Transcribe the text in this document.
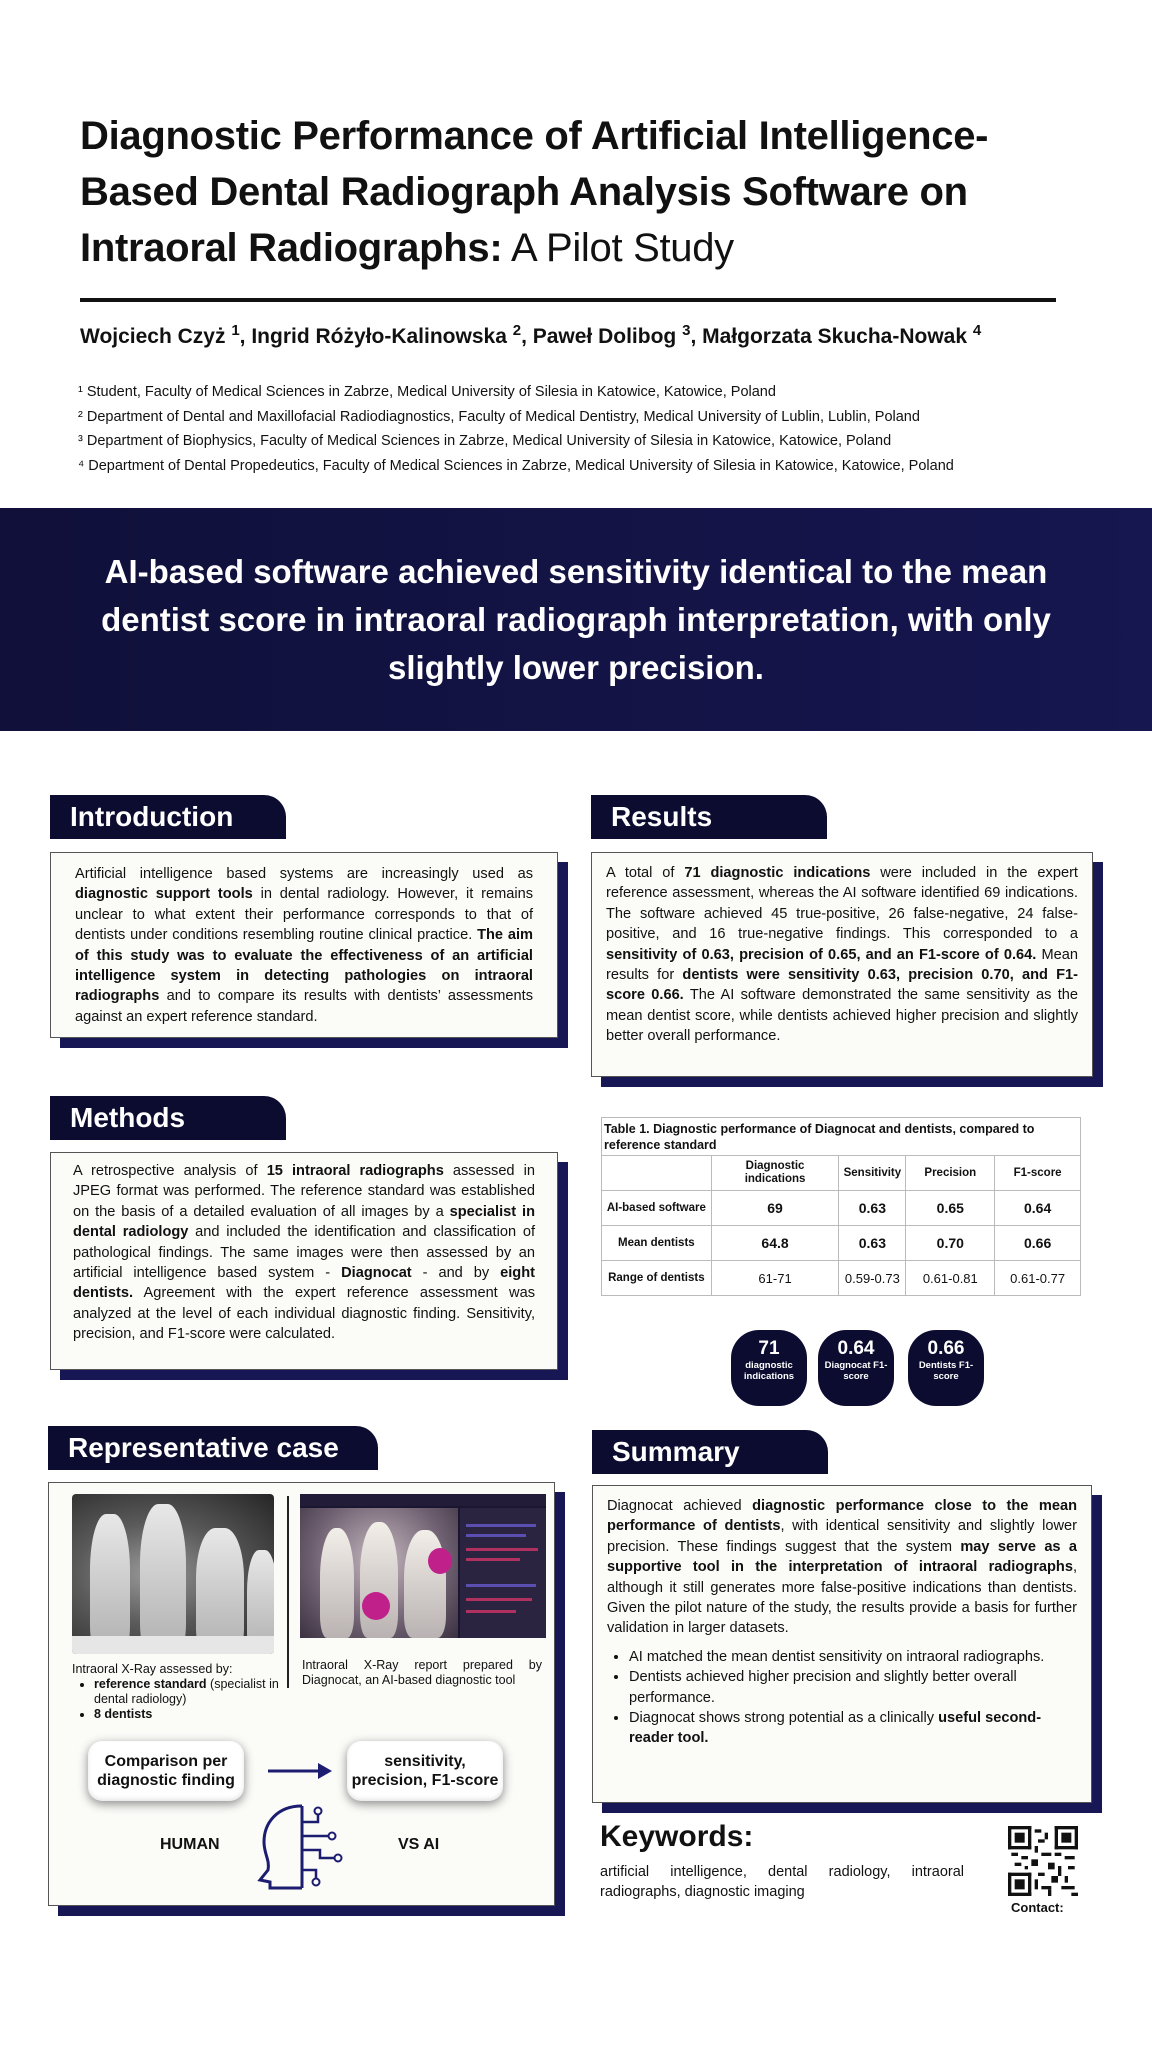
Diagnostic Performance of Artificial Intelligence-Based Dental Radiograph Analysis Software on Intraoral Radiographs: A Pilot Study
Wojciech Czyż $^1$, Ingrid Różyło-Kalinowska $^2$, Paweł Dolibog $^3$, Małgorzata Skucha-Nowak $^4$
¹ Student, Faculty of Medical Sciences in Zabrze, Medical University of Silesia in Katowice, Katowice, Poland
² Department of Dental and Maxillofacial Radiodiagnostics, Faculty of Medical Dentistry, Medical University of Lublin, Lublin, Poland
³ Department of Biophysics, Faculty of Medical Sciences in Zabrze, Medical University of Silesia in Katowice, Katowice, Poland
⁴ Department of Dental Propedeutics, Faculty of Medical Sciences in Zabrze, Medical University of Silesia in Katowice, Katowice, Poland

AI-based software achieved sensitivity identical to the mean dentist score in intraoral radiograph interpretation, with only slightly lower precision.

Introduction
Artificial intelligence based systems are increasingly used as diagnostic support tools in dental radiology. However, it remains unclear to what extent their performance corresponds to that of dentists under conditions resembling routine clinical practice. The aim of this study was to evaluate the effectiveness of an artificial intelligence system in detecting pathologies on intraoral radiographs and to compare its results with dentists’ assessments against an expert reference standard.
Methods
A retrospective analysis of 15 intraoral radiographs assessed in JPEG format was performed. The reference standard was established on the basis of a detailed evaluation of all images by a specialist in dental radiology and included the identification and classification of pathological findings. The same images were then assessed by an artificial intelligence based system - Diagnocat - and by eight dentists. Agreement with the expert reference assessment was analyzed at the level of each individual diagnostic finding. Sensitivity, precision, and F1-score were calculated.
Results
A total of 71 diagnostic indications were included in the expert reference assessment, whereas the AI software identified 69 indications. The software achieved 45 true-positive, 26 false-negative, 24 false-positive, and 16 true-negative findings. This corresponded to a sensitivity of 0.63, precision of 0.65, and an F1-score of 0.64. Mean results for dentists were sensitivity 0.63, precision 0.70, and F1-score 0.66. The AI software demonstrated the same sensitivity as the mean dentist score, while dentists achieved higher precision and slightly better overall performance.
Table 1. Diagnostic performance of Diagnocat and dentists, compared to reference standard
	Diagnostic indications	Sensitivity	Precision	F1-score
AI-based software	69	0.63	0.65	0.64
Mean dentists	64.8	0.63	0.70	0.66
Range of dentists	61-71	0.59-0.73	0.61-0.81	0.61-0.77
71
diagnostic indications
0.64
Diagnocat F1-score
0.66
Dentists F1-score
Representative case
Intraoral X-Ray assessed by:
• reference standard (specialist in dental radiology)
• 8 dentists
Intraoral X-Ray report prepared by Diagnocat, an AI-based diagnostic tool
Comparison per diagnostic finding
sensitivity, precision, F1-score
HUMAN	VS AI
Summary
Diagnocat achieved diagnostic performance close to the mean performance of dentists, with identical sensitivity and slightly lower precision. These findings suggest that the system may serve as a supportive tool in the interpretation of intraoral radiographs, although it still generates more false-positive indications than dentists. Given the pilot nature of the study, the results provide a basis for further validation in larger datasets.
• AI matched the mean dentist sensitivity on intraoral radiographs.
• Dentists achieved higher precision and slightly better overall performance.
• Diagnocat shows strong potential as a clinically useful second-reader tool.
Keywords:
artificial intelligence, dental radiology, intraoral radiographs, diagnostic imaging
Contact:
